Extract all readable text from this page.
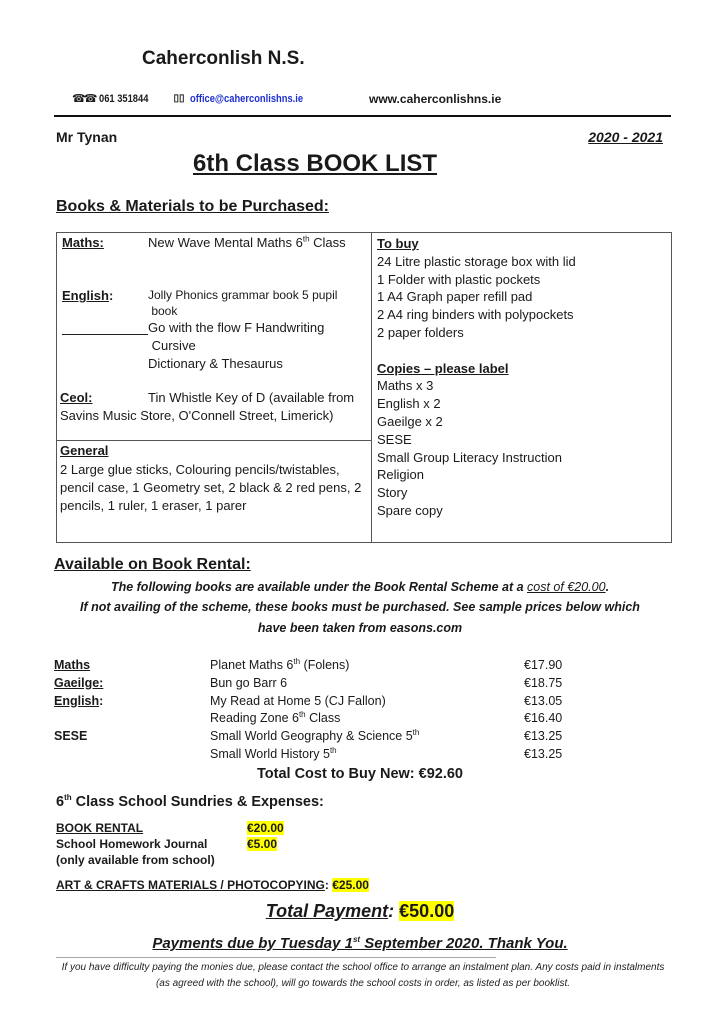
Caherconlish N.S.
☎☎ 061 351844 ▯▯ office@caherconlishns.ie	www.caherconlishns.ie
Mr Tynan	2020 - 2021
6th Class BOOK LIST
Books & Materials to be Purchased:
Maths:	New Wave Mental Maths 6th Class
English:	Jolly Phonics grammar book 5 pupil
book
Go with the flow F Handwriting
Cursive
Dictionary & Thesaurus
Ceol:	Tin Whistle Key of D (available from
Savins Music Store, O'Connell Street, Limerick)
General
2 Large glue sticks, Colouring pencils/twistables, pencil case, 1 Geometry set, 2 black & 2 red pens, 2 pencils, 1 ruler, 1 eraser, 1 parer
To buy
24 Litre plastic storage box with lid
1 Folder with plastic pockets
1 A4 Graph paper refill pad
2 A4 ring binders with polypockets
2 paper folders
Copies – please label
Maths x 3
English x 2
Gaeilge x 2
SESE
Small Group Literacy Instruction
Religion
Story
Spare copy
Available on Book Rental:
The following books are available under the Book Rental Scheme at a cost of €20.00.
If not availing of the scheme, these books must be purchased. See sample prices below which
have been taken from easons.com
Maths	Planet Maths 6th (Folens)	€17.90
Gaeilge:	Bun go Barr 6	€18.75
English:	My Read at Home 5 (CJ Fallon)	€13.05
Reading Zone 6th Class	€16.40
SESE	Small World Geography & Science 5th	€13.25
Small World History 5th	€13.25
Total Cost to Buy New: €92.60
6th Class School Sundries & Expenses:
BOOK RENTAL	€20.00
School Homework Journal	€5.00
(only available from school)
ART & CRAFTS MATERIALS / PHOTOCOPYING: €25.00
Total Payment: €50.00
Payments due by Tuesday 1st September 2020. Thank You.
If you have difficulty paying the monies due, please contact the school office to arrange an instalment plan. Any costs paid in instalments
(as agreed with the school), will go towards the school costs in order, as listed as per booklist.
